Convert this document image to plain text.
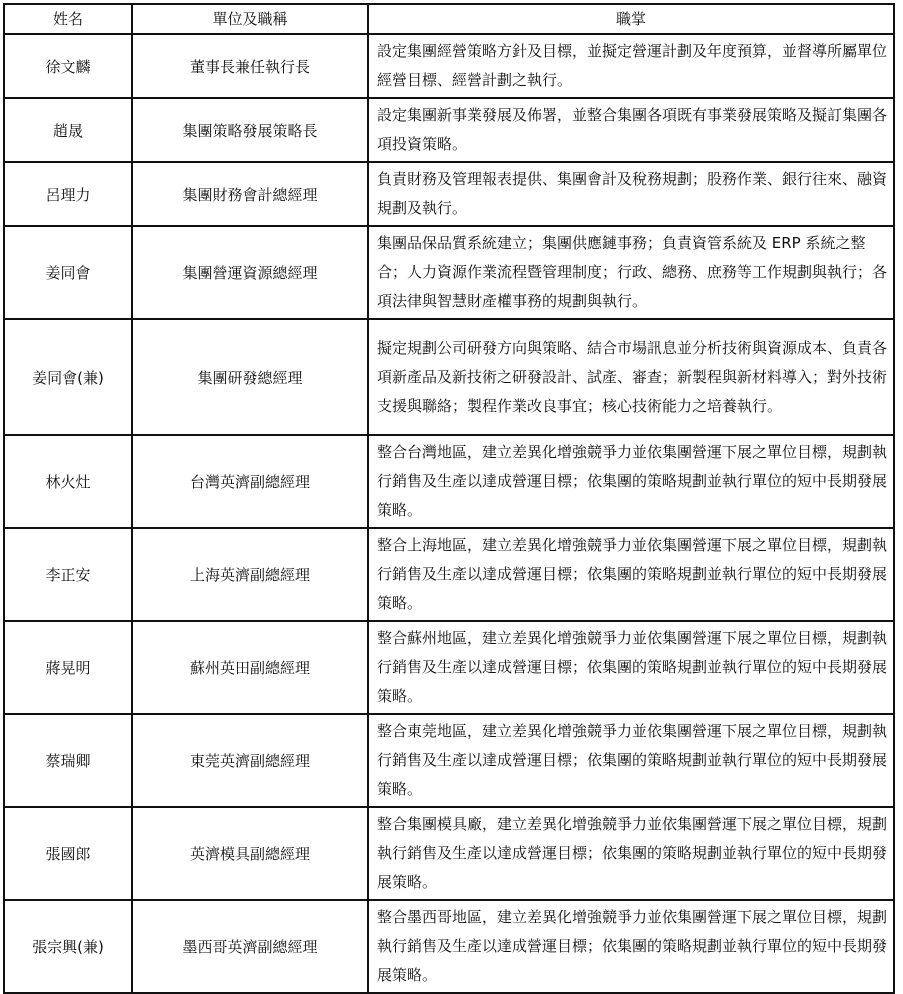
姓名	單位及職稱	職掌
徐文麟	董事長兼任執行長	設定集團經營策略方針及目標，並擬定營運計劃及年度預算，並督導所屬單位經營目標、經營計劃之執行。
趙晟	集團策略發展策略長	設定集團新事業發展及佈署，並整合集團各項既有事業發展策略及擬訂集團各項投資策略。
呂理力	集團財務會計總經理	負責財務及管理報表提供、集團會計及稅務規劃；股務作業、銀行往來、融資規劃及執行。
姜同會	集團營運資源總經理	集團品保品質系統建立；集團供應鏈事務；負責資管系統及 ERP 系統之整合；人力資源作業流程暨管理制度；行政、總務、庶務等工作規劃與執行；各項法律與智慧財產權事務的規劃與執行。
姜同會(兼)	集團研發總經理	擬定規劃公司研發方向與策略、結合市場訊息並分析技術與資源成本、負責各項新產品及新技術之研發設計、試產、審查；新製程與新材料導入；對外技術支援與聯絡；製程作業改良事宜；核心技術能力之培養執行。
林火灶	台灣英濟副總經理	整合台灣地區，建立差異化增強競爭力並依集團營運下展之單位目標，規劃執行銷售及生產以達成營運目標；依集團的策略規劃並執行單位的短中長期發展策略。
李正安	上海英濟副總經理	整合上海地區，建立差異化增強競爭力並依集團營運下展之單位目標，規劃執行銷售及生產以達成營運目標；依集團的策略規劃並執行單位的短中長期發展策略。
蔣晃明	蘇州英田副總經理	整合蘇州地區，建立差異化增強競爭力並依集團營運下展之單位目標，規劃執行銷售及生產以達成營運目標；依集團的策略規劃並執行單位的短中長期發展策略。
蔡瑞卿	東莞英濟副總經理	整合東莞地區，建立差異化增強競爭力並依集團營運下展之單位目標，規劃執行銷售及生產以達成營運目標；依集團的策略規劃並執行單位的短中長期發展策略。
張國郎	英濟模具副總經理	整合集團模具廠，建立差異化增強競爭力並依集團營運下展之單位目標，規劃執行銷售及生產以達成營運目標；依集團的策略規劃並執行單位的短中長期發展策略。
張宗興(兼)	墨西哥英濟副總經理	整合墨西哥地區，建立差異化增強競爭力並依集團營運下展之單位目標，規劃執行銷售及生產以達成營運目標；依集團的策略規劃並執行單位的短中長期發展策略。
